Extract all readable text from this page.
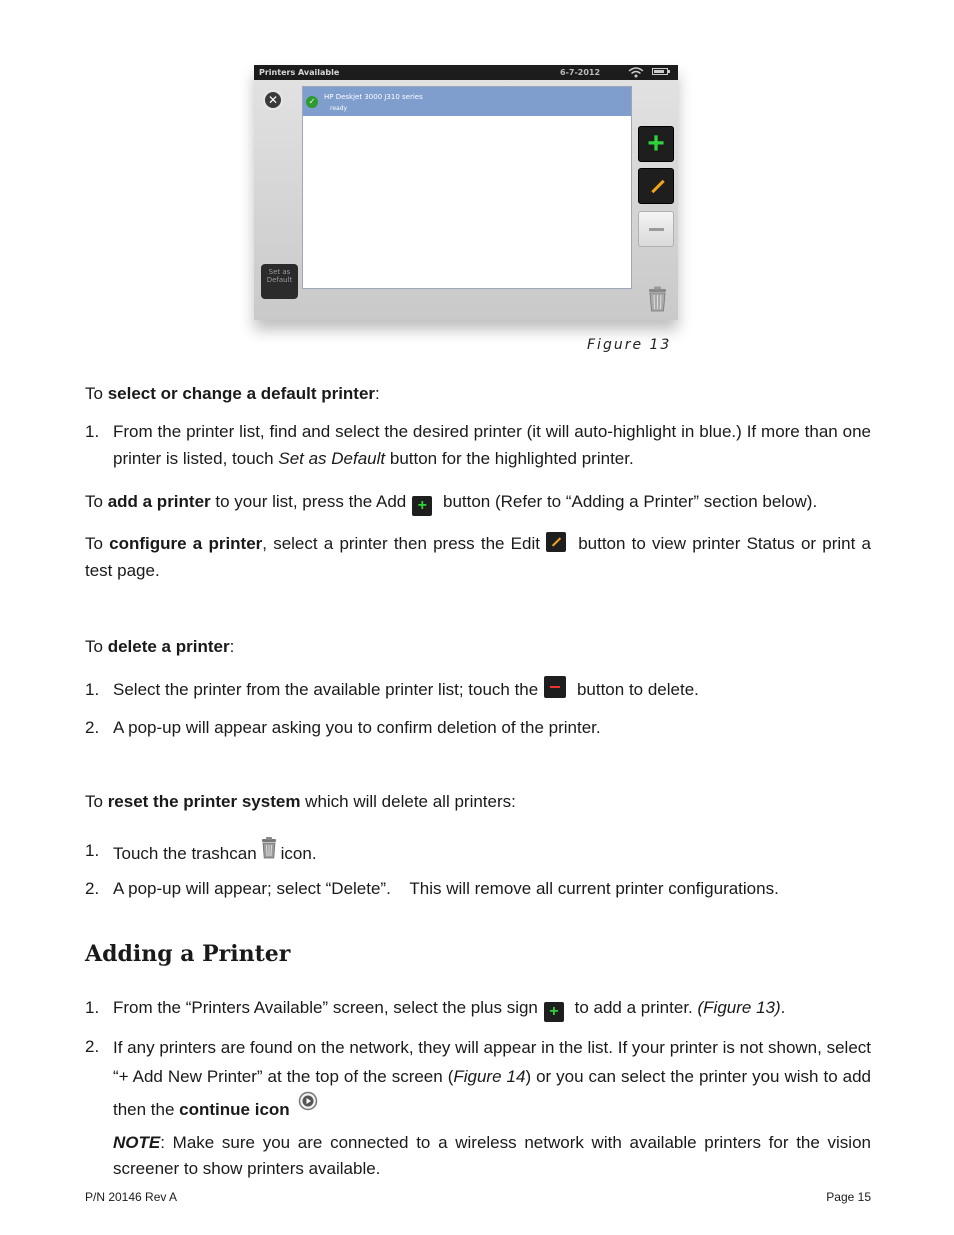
Printers Available	6-7-2012
✕	✓	HP Deskjet 3000 J310 series
ready
Set as Default
+
Figure 13

To select or change a default printer:

1. From the printer list, find and select the desired printer (it will auto-highlight in blue.) If more than one printer is listed, touch Set as Default button for the highlighted printer.

To add a printer to your list, press the Add + button (Refer to “Adding a Printer” section below).

To configure a printer, select a printer then press the Edit button to view printer Status or print a test page.

To delete a printer:

1. Select the printer from the available printer list; touch the button to delete.
2. A pop-up will appear asking you to confirm deletion of the printer.

To reset the printer system which will delete all printers:

1. Touch the trashcan icon.
2. A pop-up will appear; select “Delete”.    This will remove all current printer configurations.
Adding a Printer
1. From the “Printers Available” screen, select the plus sign + to add a printer. (Figure 13).
2. If any printers are found on the network, they will appear in the list. If your printer is not shown, select “+ Add New Printer” at the top of the screen (Figure 14) or you can select the printer you wish to add then the continue icon
NOTE: Make sure you are connected to a wireless network with available printers for the vision screener to show printers available.
P/N 20146 Rev A	Page 15
